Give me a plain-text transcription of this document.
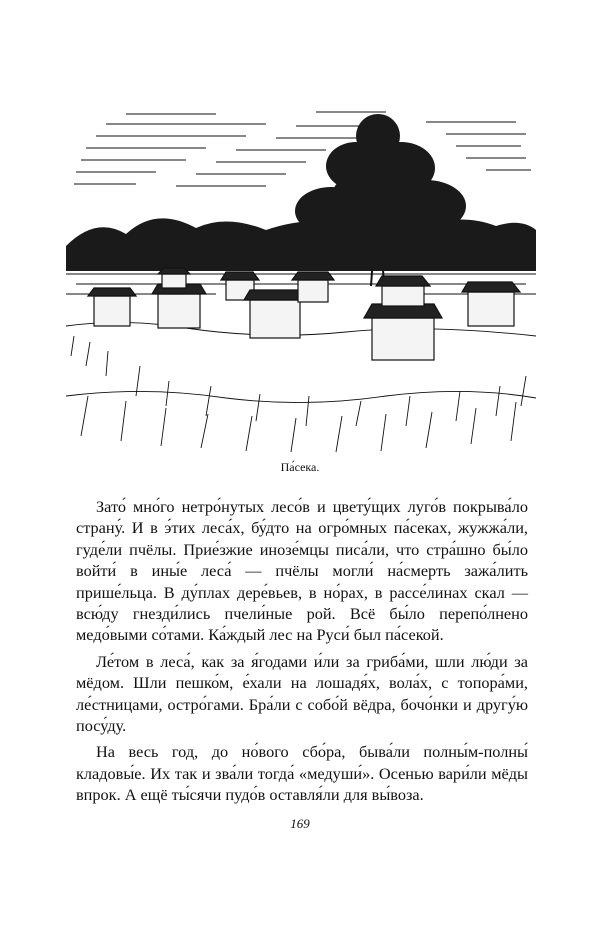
Па́сека.

Зато́ мно́го нетро́нутых лесо́в и цвету́щих луго́в покрыва́ло страну́. И в э́тих леса́х, бу́дто на огро́мных па́секах, жужжа́ли, гуде́ли пчёлы. Прие́зжие инозе́мцы писа́ли, что стра́шно бы́ло войти́ в ины́е леса́ — пчёлы могли́ на́смерть зажа́лить прише́льца. В ду́плах дере́вьев, в но́рах, в рассе́линах скал — всю́ду гнезди́лись пчели́ные рой. Всё бы́ло перепо́лнено медо́выми со́тами. Ка́ждый лес на Руси́ был па́секой.

Ле́том в леса́, как за я́годами и́ли за гриба́ми, шли лю́ди за мёдом. Шли пешко́м, е́хали на лошадя́х, вола́х, с топора́ми, ле́стницами, остро́гами. Бра́ли с собо́й вёдра, бочо́нки и другу́ю посу́ду.

На весь год, до но́вого сбо́ра, быва́ли полны́м-полны́ кладовы́е. Их так и зва́ли тогда́ «медуши́». Осенью вари́ли мёды впрок. А ещё ты́сячи пудо́в оставля́ли для вы́воза.

169
